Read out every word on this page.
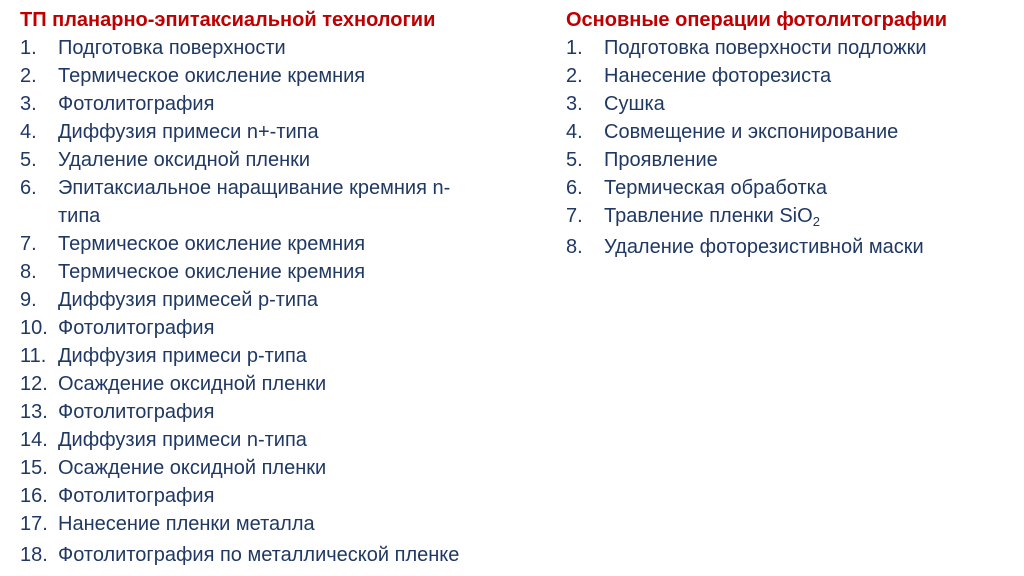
ТП планарно-эпитаксиальной технологии
1. Подготовка поверхности
2. Термическое окисление кремния
3. Фотолитография
4. Диффузия примеси n+-типа
5. Удаление оксидной пленки
6. Эпитаксиальное наращивание кремния n-
типа
7. Термическое окисление кремния
8. Термическое окисление кремния
9. Диффузия примесей p-типа
10. Фотолитография
11. Диффузия примеси p-типа
12. Осаждение оксидной пленки
13. Фотолитография
14. Диффузия примеси n-типа
15. Осаждение оксидной пленки
16. Фотолитография
17. Нанесение пленки металла
18. Фотолитография по металлической пленке
Основные операции фотолитографии
1. Подготовка поверхности подложки
2. Нанесение фоторезиста
3. Сушка
4. Совмещение и экспонирование
5. Проявление
6. Термическая обработка
7. Травление пленки SiO$_2$
8. Удаление фоторезистивной маски
